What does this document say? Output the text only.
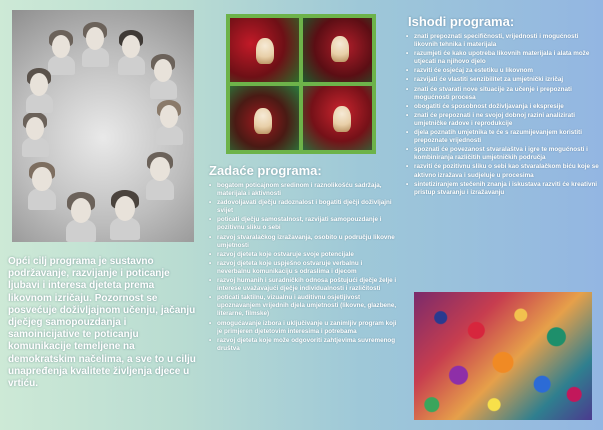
Opći cilj programa je sustavno podržavanje, razvijanje i poticanje ljubavi i interesa djeteta prema likovnom izričaju. Pozornost se posvećuje doživljajnom učenju, jačanju dječjeg samopouzdanja i samoinicijative te poticanju komunikacije temeljene na demokratskim načelima, a sve to u cilju unapređenja kvalitete življenja djece u vrtiću.
Zadaće programa:
• bogatom poticajnom sredinom i raznolikošću sadržaja, materijala i aktivnosti
• zadovoljavati dječju radoznalost i bogatiti dječji doživljajni svijet
• poticati dječju samostalnost, razvijati samopouzdanje i pozitivnu sliku o sebi
• razvoj stvaralačkog izražavanja, osobito u području likovne umjetnosti
• razvoj djeteta koje ostvaruje svoje potencijale
• razvoj djeteta koje uspješno ostvaruje verbalnu i neverbalnu komunikaciju s odraslima i djecom
• razvoj humanih i suradničkih odnosa poštujući dječje želje i interese uvažavajući dječje individualnosti i različitosti
• poticati taktilnu, vizualnu i auditivnu osjetljivost upoznavanjem vrijednih djela umjetnosti (likovne, glazbene, literarne, filmske)
• omogućavanje izbora i uključivanje u zanimljiv program koji je primjeren djetetovim interesima i potrebama
• razvoj djeteta koje može odgovoriti zahtjevima suvremenog društva
Ishodi programa:
• znati prepoznati specifičnosti, vrijednosti i mogućnosti likovnih tehnika i materijala
• razumjeti će kako upotreba likovnih materijala i alata može utjecati na njihovo djelo
• razviti će osjećaj za estetiku u likovnom
• razvijati će vlastiti senzibilitet za umjetnički izričaj
• znati će stvarati nove situacije za učenje i prepoznati mogućnosti procesa
• obogatiti će sposobnost doživljavanja i ekspresije
• znati će prepoznati i ne svojoj dobnoj razini analizirati umjetničke radove i reprodukcije
• djela poznatih umjetnika te će s razumijevanjem koristiti prepoznate vrijednosti
• spoznati će povezanost stvaralaštva i igre te mogućnosti i kombiniranja različitih umjetničkih područja
• razviti će pozitivnu sliku o sebi kao stvaralačkom biću koje se aktivno izražava i sudjeluje u procesima
• sintetiziranjem stečenih znanja i iskustava razviti će kreativni pristup stvaranju i izražavanju
